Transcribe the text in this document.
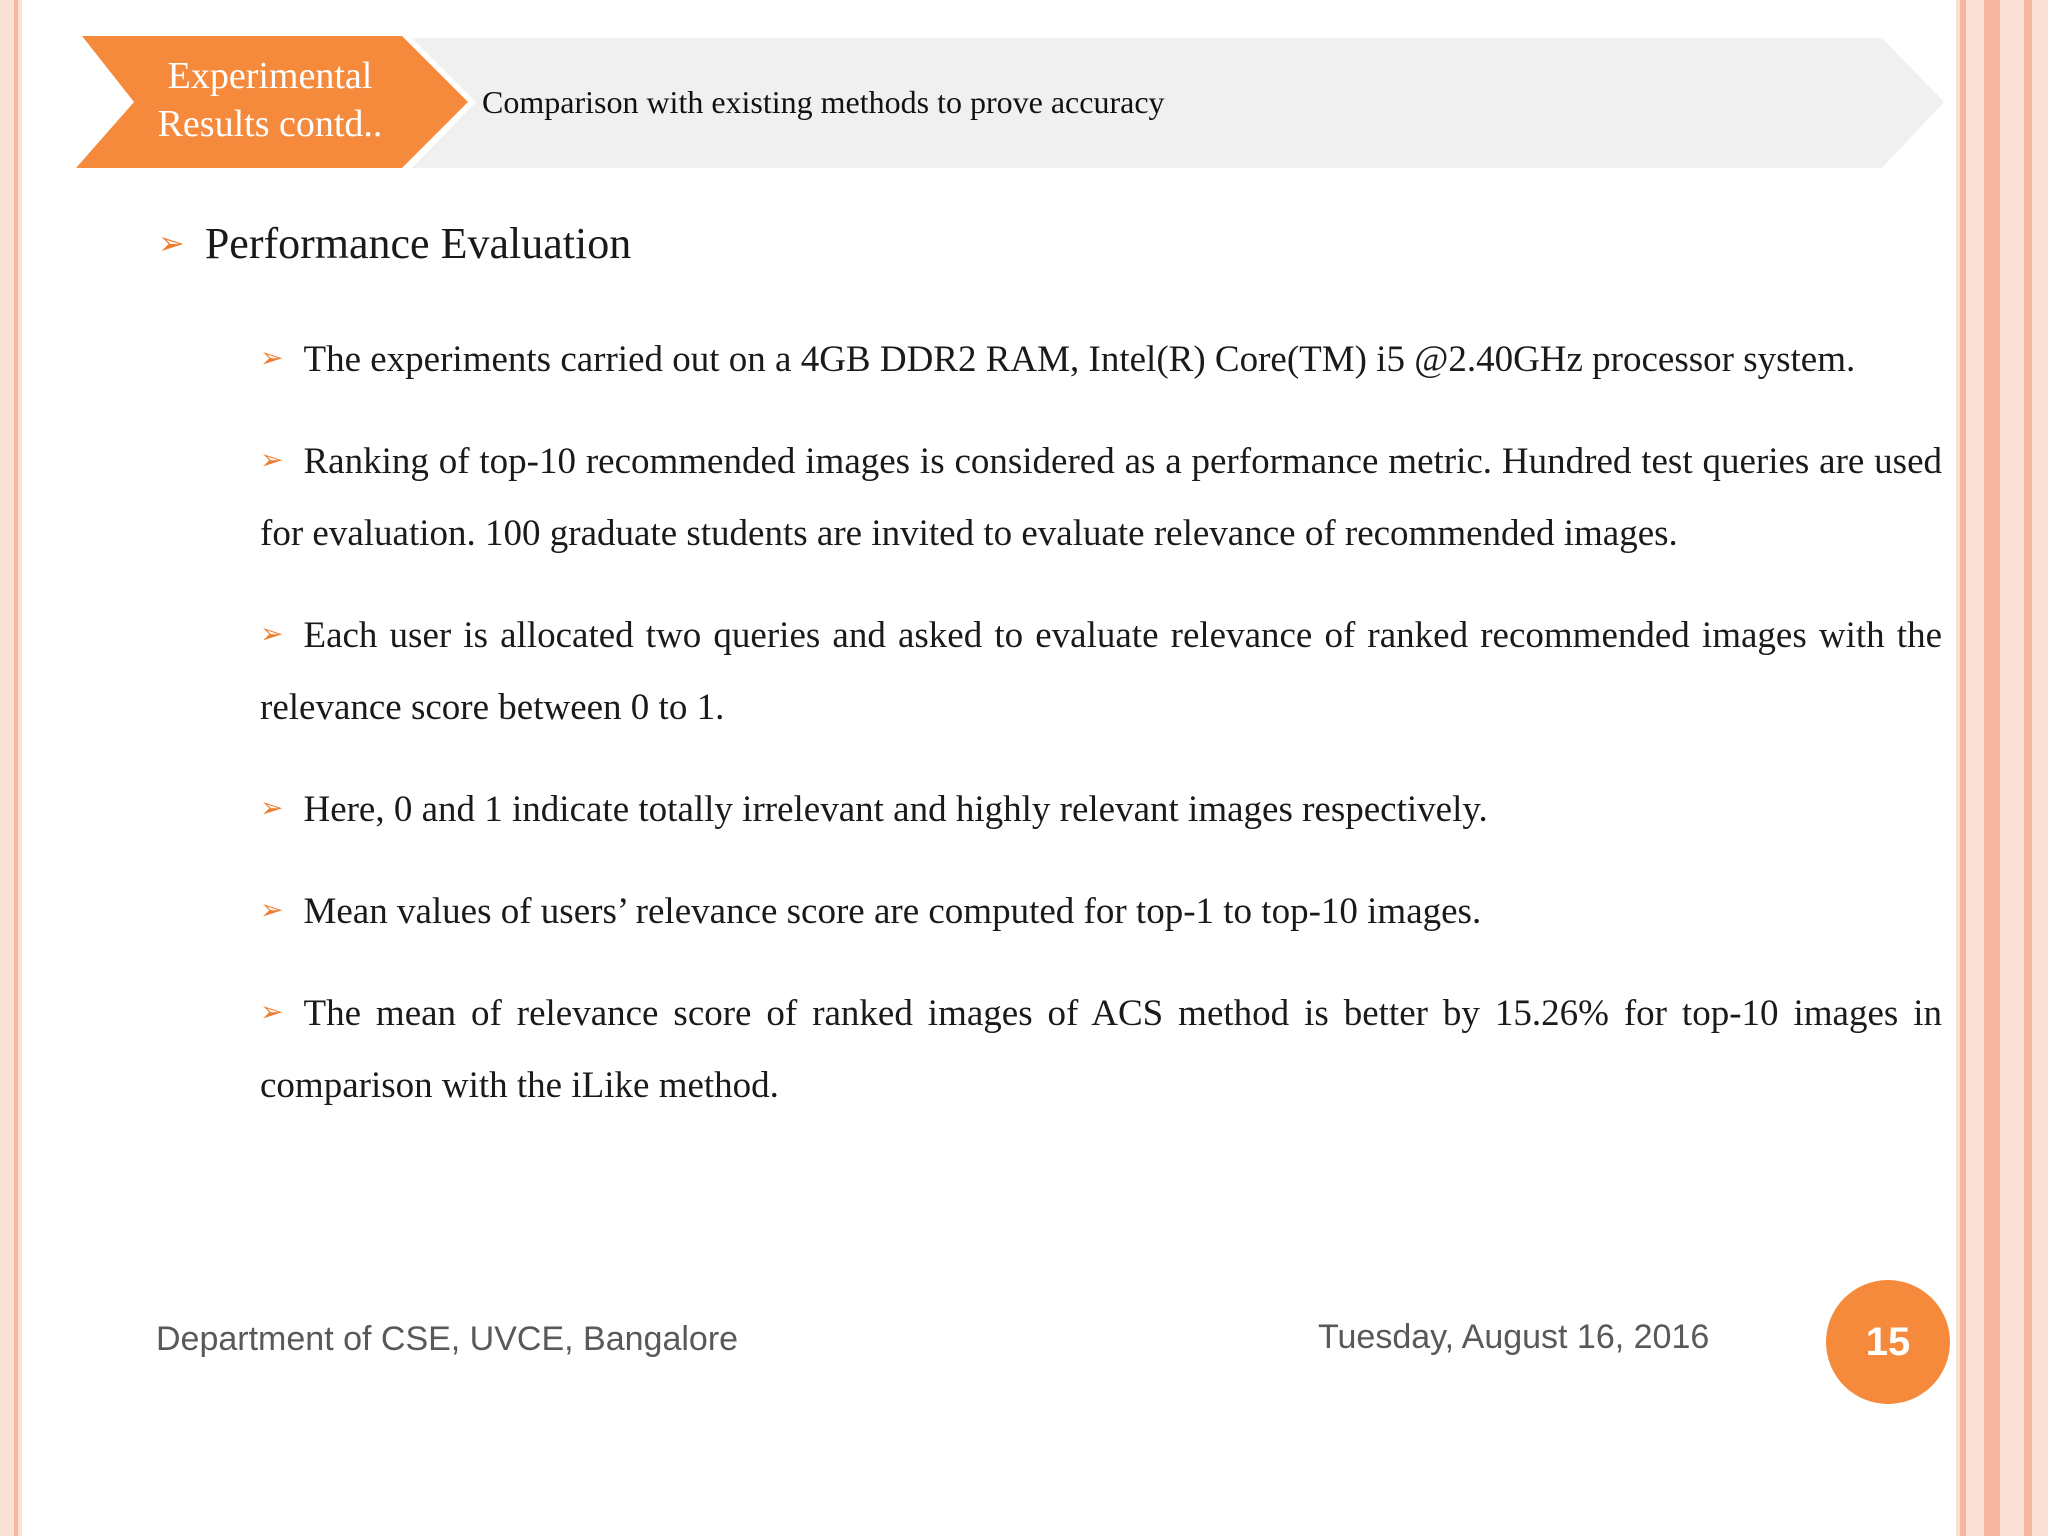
Experimental
Results contd..
Comparison with existing methods to prove accuracy
➢ Performance Evaluation

➢ The experiments carried out on a 4GB DDR2 RAM, Intel(R) Core(TM) i5 @2.40GHz processor system.

➢ Ranking of top-10 recommended images is considered as a performance metric. Hundred test queries are used for evaluation. 100 graduate students are invited to evaluate relevance of recommended images.

➢ Each user is allocated two queries and asked to evaluate relevance of ranked recommended images with the relevance score between 0 to 1.

➢ Here, 0 and 1 indicate totally irrelevant and highly relevant images respectively.

➢ Mean values of users’ relevance score are computed for top-1 to top-10 images.

➢ The mean of relevance score of ranked images of ACS method is better by 15.26% for top-10 images in comparison with the iLike method.

Department of CSE, UVCE, Bangalore	Tuesday, August 16, 2016	15
